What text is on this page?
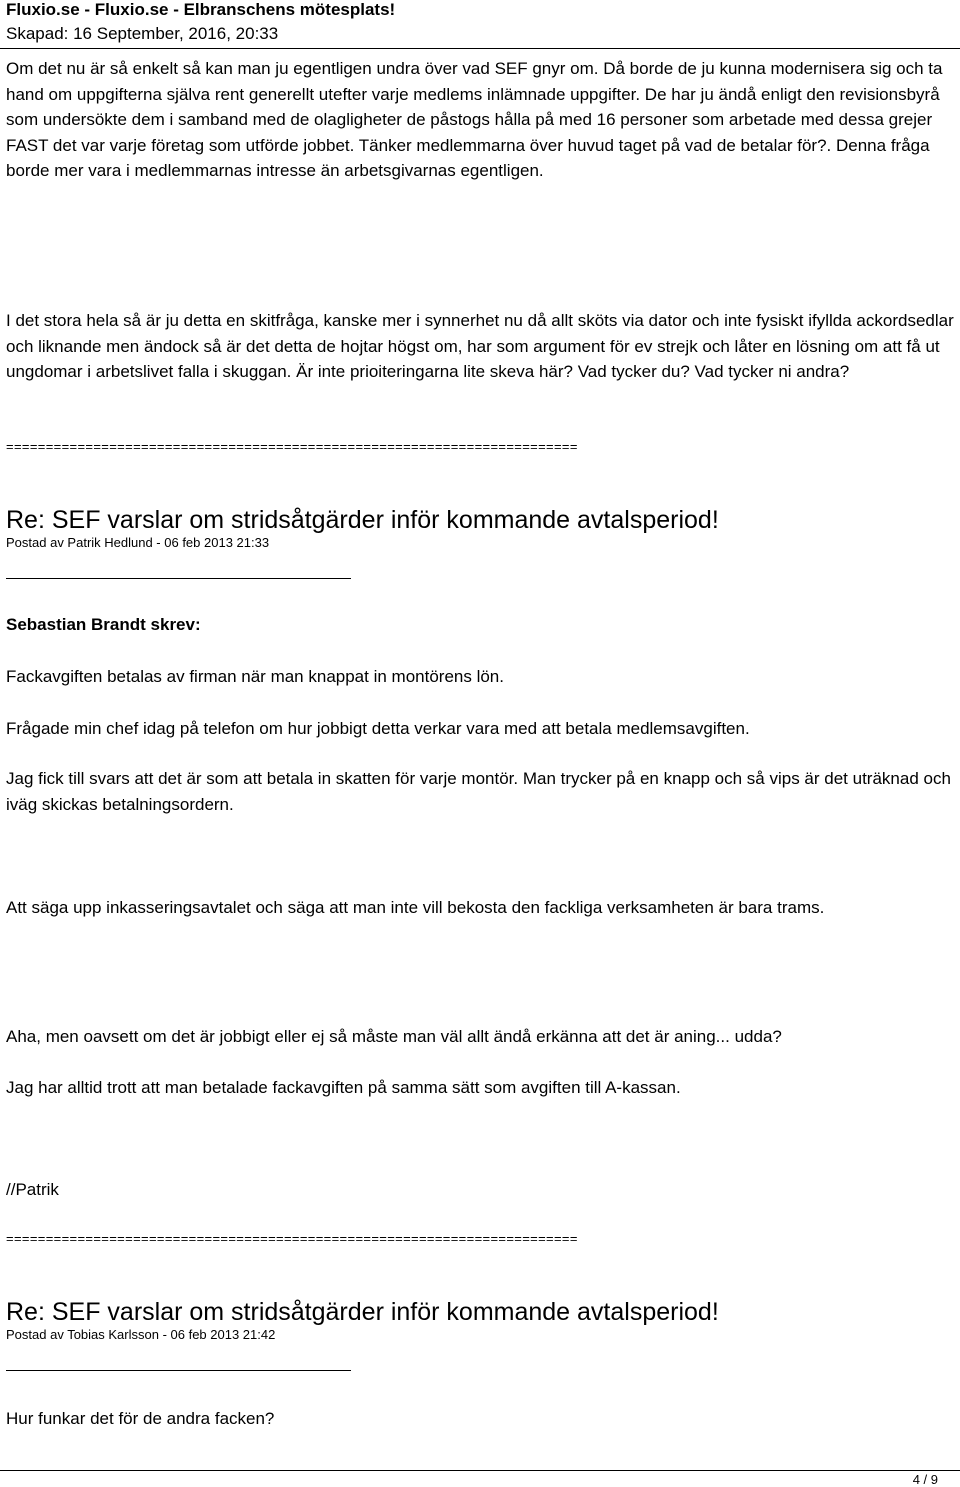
Fluxio.se - Fluxio.se - Elbranschens mötesplats!
Skapad: 16 September, 2016, 20:33

Om det nu är så enkelt så kan man ju egentligen undra över vad SEF gnyr om. Då borde de ju kunna modernisera sig och ta hand om uppgifterna själva rent generellt utefter varje medlems inlämnade uppgifter. De har ju ändå enligt den revisionsbyrå som undersökte dem i samband med de olagligheter de påstogs hålla på med 16 personer som arbetade med dessa grejer FAST det var varje företag som utförde jobbet. Tänker medlemmarna över huvud taget på vad de betalar för?. Denna fråga borde mer vara i medlemmarnas intresse än arbetsgivarnas egentligen.

I det stora hela så är ju detta en skitfråga, kanske mer i synnerhet nu då allt sköts via dator och inte fysiskt ifyllda ackordsedlar och liknande men ändock så är det detta de hojtar högst om, har som argument för ev strejk och låter en lösning om att få ut ungdomar i arbetslivet falla i skuggan. Är inte prioiteringarna lite skeva här? Vad tycker du? Vad tycker ni andra?

========================================================================
Re: SEF varslar om stridsåtgärder inför kommande avtalsperiod!
Postad av Patrik Hedlund - 06 feb 2013 21:33
Sebastian Brandt skrev:

Fackavgiften betalas av firman när man knappat in montörens lön.

Frågade min chef idag på telefon om hur jobbigt detta verkar vara med att betala medlemsavgiften.

Jag fick till svars att det är som att betala in skatten för varje montör. Man trycker på en knapp och så vips är det uträknad och iväg skickas betalningsordern.

Att säga upp inkasseringsavtalet och säga att man inte vill bekosta den fackliga verksamheten är bara trams.

Aha, men oavsett om det är jobbigt eller ej så måste man väl allt ändå erkänna att det är aning... udda?

Jag har alltid trott att man betalade fackavgiften på samma sätt som avgiften till A-kassan.

//Patrik

========================================================================
Re: SEF varslar om stridsåtgärder inför kommande avtalsperiod!
Postad av Tobias Karlsson - 06 feb 2013 21:42

Hur funkar det för de andra facken?

4 / 9
